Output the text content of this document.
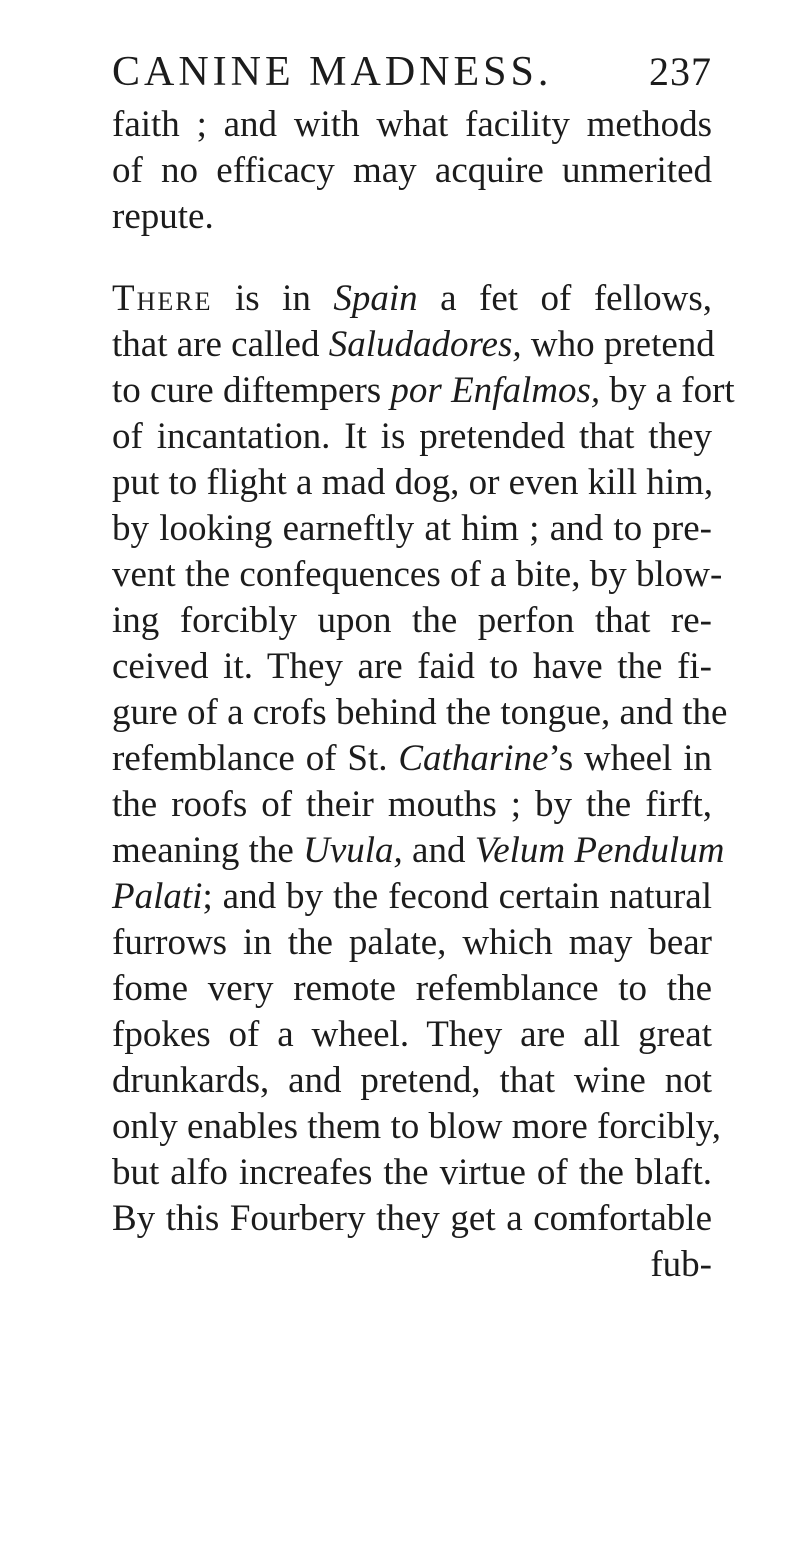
CANINE MADNESS. 237
faith ; and with what facility methods
of no efficacy may acquire unmerited
repute.
There is in Spain a fet of fellows,
that are called Saludadores, who pretend
to cure diftempers por Enfalmos, by a fort
of incantation. It is pretended that they
put to flight a mad dog, or even kill him,
by looking earneftly at him ; and to pre-
vent the confequences of a bite, by blow-
ing forcibly upon the perfon that re-
ceived it. They are faid to have the fi-
gure of a crofs behind the tongue, and the
refemblance of St. Catharine’s wheel in
the roofs of their mouths ; by the firft,
meaning the Uvula, and Velum Pendulum
Palati; and by the fecond certain natural
furrows in the palate, which may bear
fome very remote refemblance to the
fpokes of a wheel. They are all great
drunkards, and pretend, that wine not
only enables them to blow more forcibly,
but alfo increafes the virtue of the blaft.
By this Fourbery they get a comfortable
fub-
